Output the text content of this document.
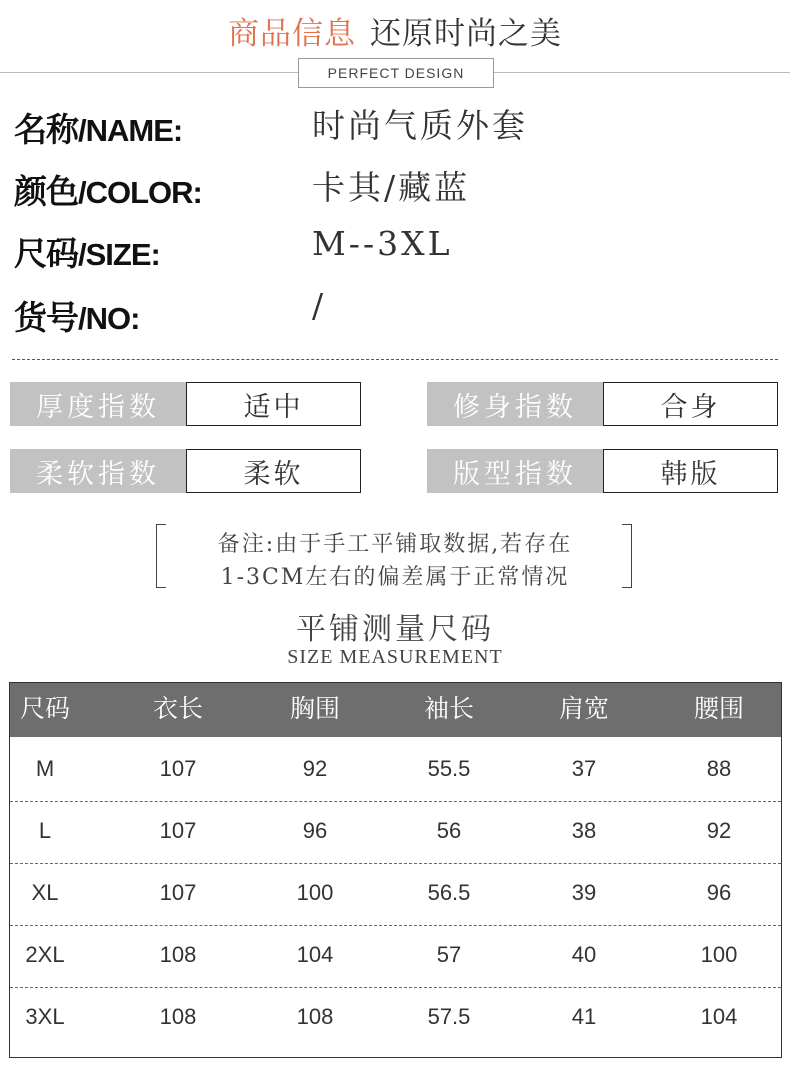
商品信息 还原时尚之美
PERFECT DESIGN
名称/NAME:	时尚气质外套
颜色/COLOR:	卡其/藏蓝
尺码/SIZE:	M--3XL
货号/NO:	/
厚度指数	适中	修身指数	合身
柔软指数	柔软	版型指数	韩版
备注:由于手工平铺取数据,若存在
1-3CM左右的偏差属于正常情况
平铺测量尺码
SIZE MEASUREMENT
尺码	衣长	胸围	袖长	肩宽	腰围
M	107	92	55.5	37	88
L	107	96	56	38	92
XL	107	100	56.5	39	96
2XL	108	104	57	40	100
3XL	108	108	57.5	41	104
